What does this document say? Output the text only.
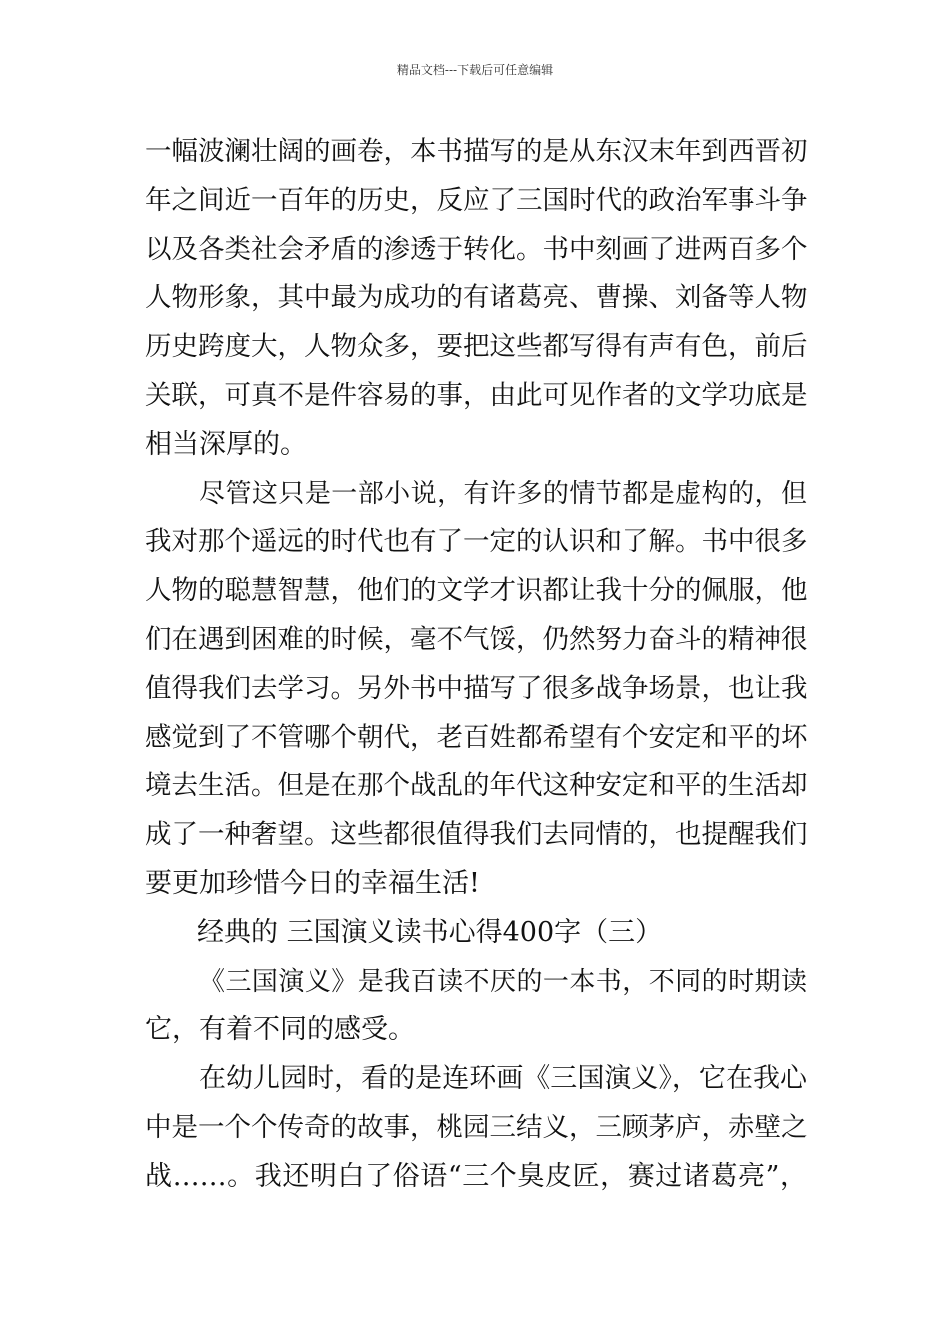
精品文档---下载后可任意编辑
一幅波澜壮阔的画卷，本书描写的是从东汉末年到西晋初
年之间近一百年的历史，反应了三国时代的政治军事斗争
以及各类社会矛盾的渗透于转化。书中刻画了进两百多个
人物形象，其中最为成功的有诸葛亮、曹操、刘备等人物
历史跨度大，人物众多，要把这些都写得有声有色，前后
关联，可真不是件容易的事，由此可见作者的文学功底是
相当深厚的。
尽管这只是一部小说，有许多的情节都是虚构的，但
我对那个遥远的时代也有了一定的认识和了解。书中很多
人物的聪慧智慧，他们的文学才识都让我十分的佩服，他
们在遇到困难的时候，毫不气馁，仍然努力奋斗的精神很
值得我们去学习。另外书中描写了很多战争场景，也让我
感觉到了不管哪个朝代，老百姓都希望有个安定和平的坏
境去生活。但是在那个战乱的年代这种安定和平的生活却
成了一种奢望。这些都很值得我们去同情的，也提醒我们
要更加珍惜今日的幸福生活!
经典的 三国演义读书心得400字（三）
《三国演义》是我百读不厌的一本书，不同的时期读
它，有着不同的感受。
在幼儿园时，看的是连环画《三国演义》，它在我心
中是一个个传奇的故事，桃园三结义，三顾茅庐，赤壁之
战……。我还明白了俗语“三个臭皮匠，赛过诸葛亮”，
